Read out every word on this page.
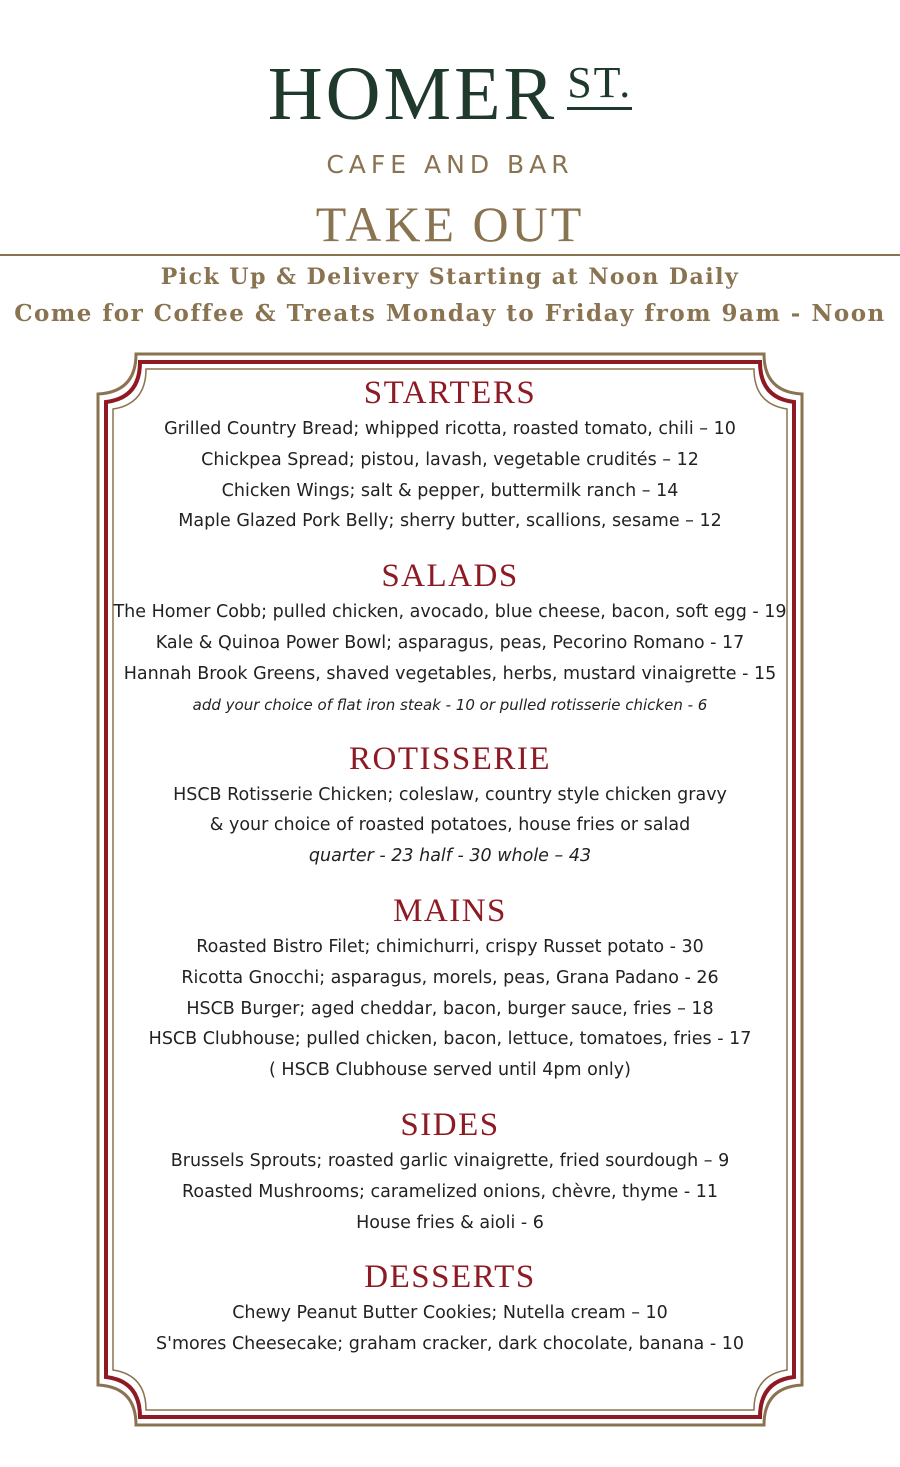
HOMER ST.
CAFE AND BAR
TAKE OUT
Pick Up & Delivery Starting at Noon Daily
Come for Coffee & Treats Monday to Friday from 9am - Noon
STARTERS
Grilled Country Bread; whipped ricotta, roasted tomato, chili – 10
Chickpea Spread; pistou, lavash, vegetable crudités – 12
Chicken Wings; salt & pepper, buttermilk ranch – 14
Maple Glazed Pork Belly; sherry butter, scallions, sesame – 12
SALADS
The Homer Cobb; pulled chicken, avocado, blue cheese, bacon, soft egg - 19
Kale & Quinoa Power Bowl; asparagus, peas, Pecorino Romano - 17
Hannah Brook Greens, shaved vegetables, herbs, mustard vinaigrette - 15
add your choice of flat iron steak - 10 or pulled rotisserie chicken - 6
ROTISSERIE
HSCB Rotisserie Chicken; coleslaw, country style chicken gravy
& your choice of roasted potatoes, house fries or salad
quarter - 23 half - 30 whole – 43
MAINS
Roasted Bistro Filet; chimichurri, crispy Russet potato - 30
Ricotta Gnocchi; asparagus, morels, peas, Grana Padano - 26
HSCB Burger; aged cheddar, bacon, burger sauce, fries – 18
HSCB Clubhouse; pulled chicken, bacon, lettuce, tomatoes, fries - 17
( HSCB Clubhouse served until 4pm only)
SIDES
Brussels Sprouts; roasted garlic vinaigrette, fried sourdough – 9
Roasted Mushrooms; caramelized onions, chèvre, thyme - 11
House fries & aioli - 6
DESSERTS
Chewy Peanut Butter Cookies; Nutella cream – 10
S'mores Cheesecake; graham cracker, dark chocolate, banana - 10
